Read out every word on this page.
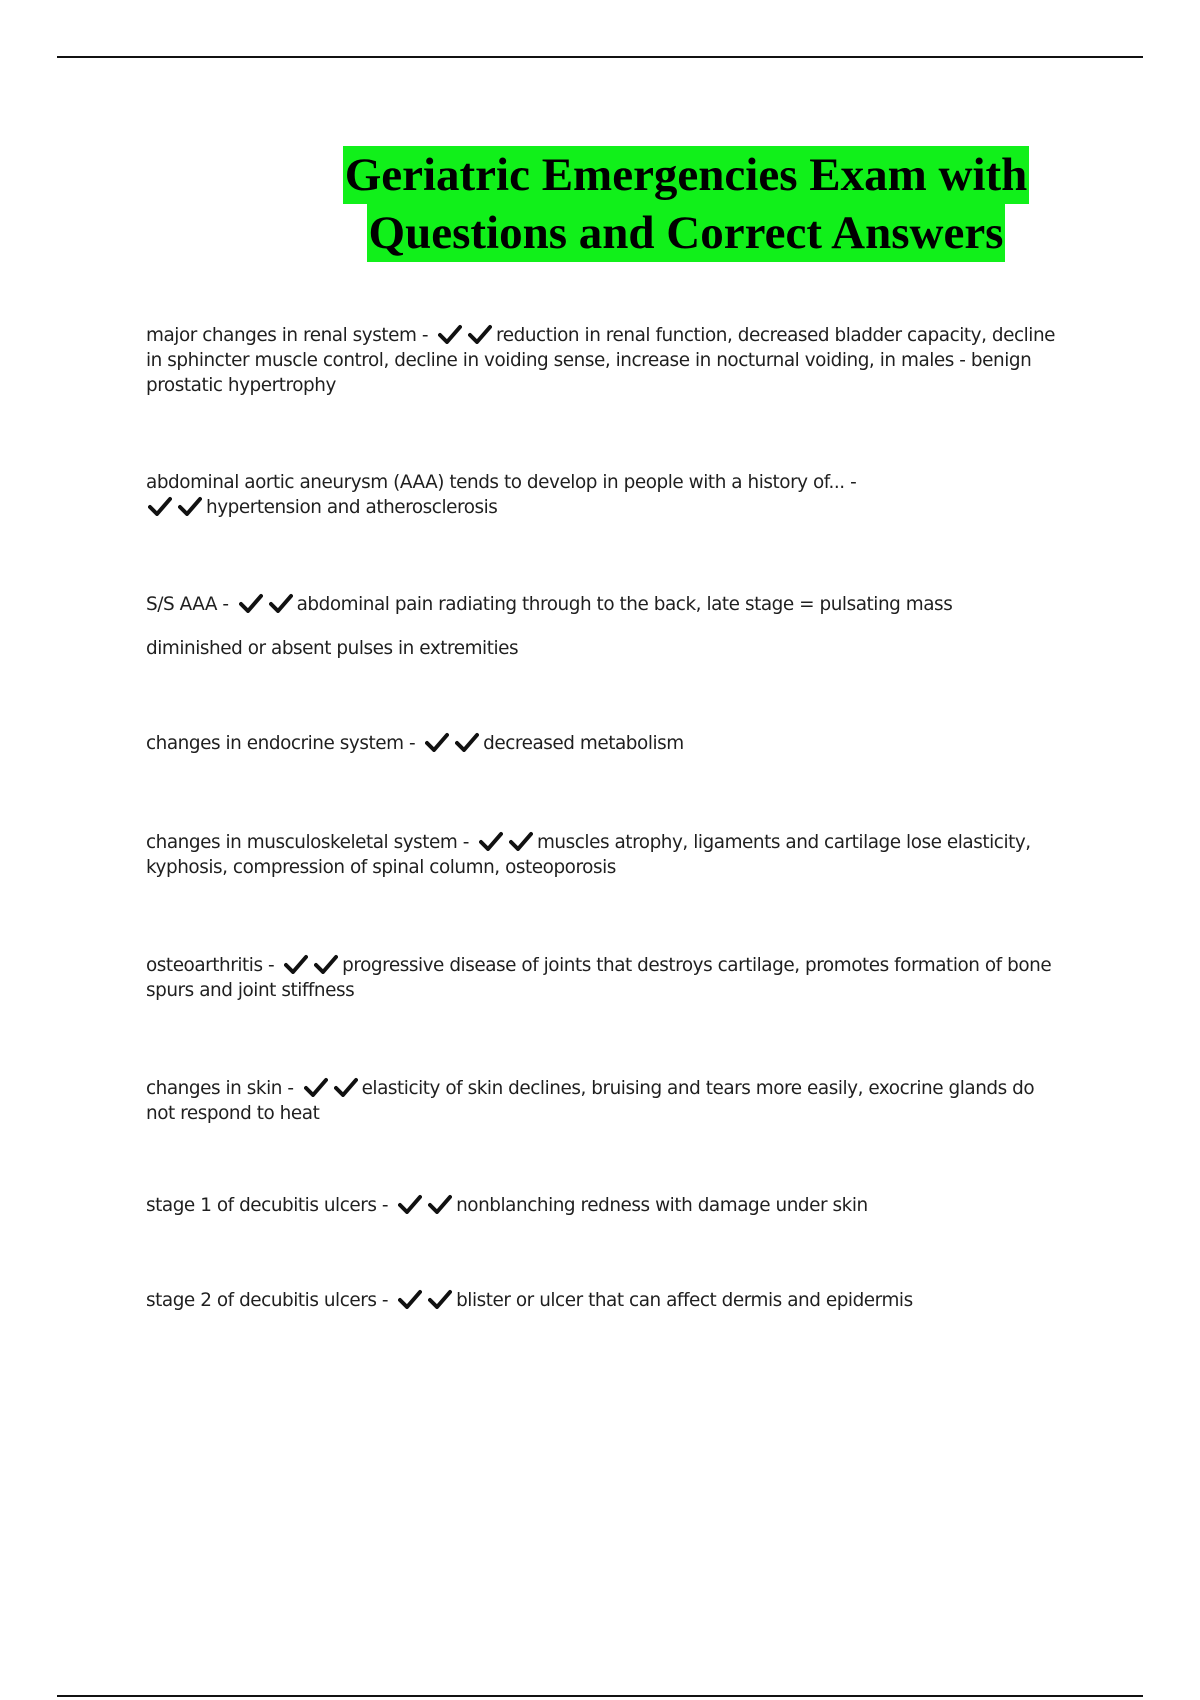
Geriatric Emergencies Exam with
Questions and Correct Answers

major changes in renal system -	reduction in renal function, decreased bladder capacity, decline in sphincter muscle control, decline in voiding sense, increase in nocturnal voiding, in males - benign prostatic hypertrophy

abdominal aortic aneurysm (AAA) tends to develop in people with a history of... -

hypertension and atherosclerosis

S/S AAA -	abdominal pain radiating through to the back, late stage = pulsating mass

diminished or absent pulses in extremities

changes in endocrine system -	decreased metabolism

changes in musculoskeletal system -	muscles atrophy, ligaments and cartilage lose elasticity, kyphosis, compression of spinal column, osteoporosis

osteoarthritis -	progressive disease of joints that destroys cartilage, promotes formation of bone spurs and joint stiffness

changes in skin -	elasticity of skin declines, bruising and tears more easily, exocrine glands do not respond to heat

stage 1 of decubitis ulcers -	nonblanching redness with damage under skin

stage 2 of decubitis ulcers -	blister or ulcer that can affect dermis and epidermis
